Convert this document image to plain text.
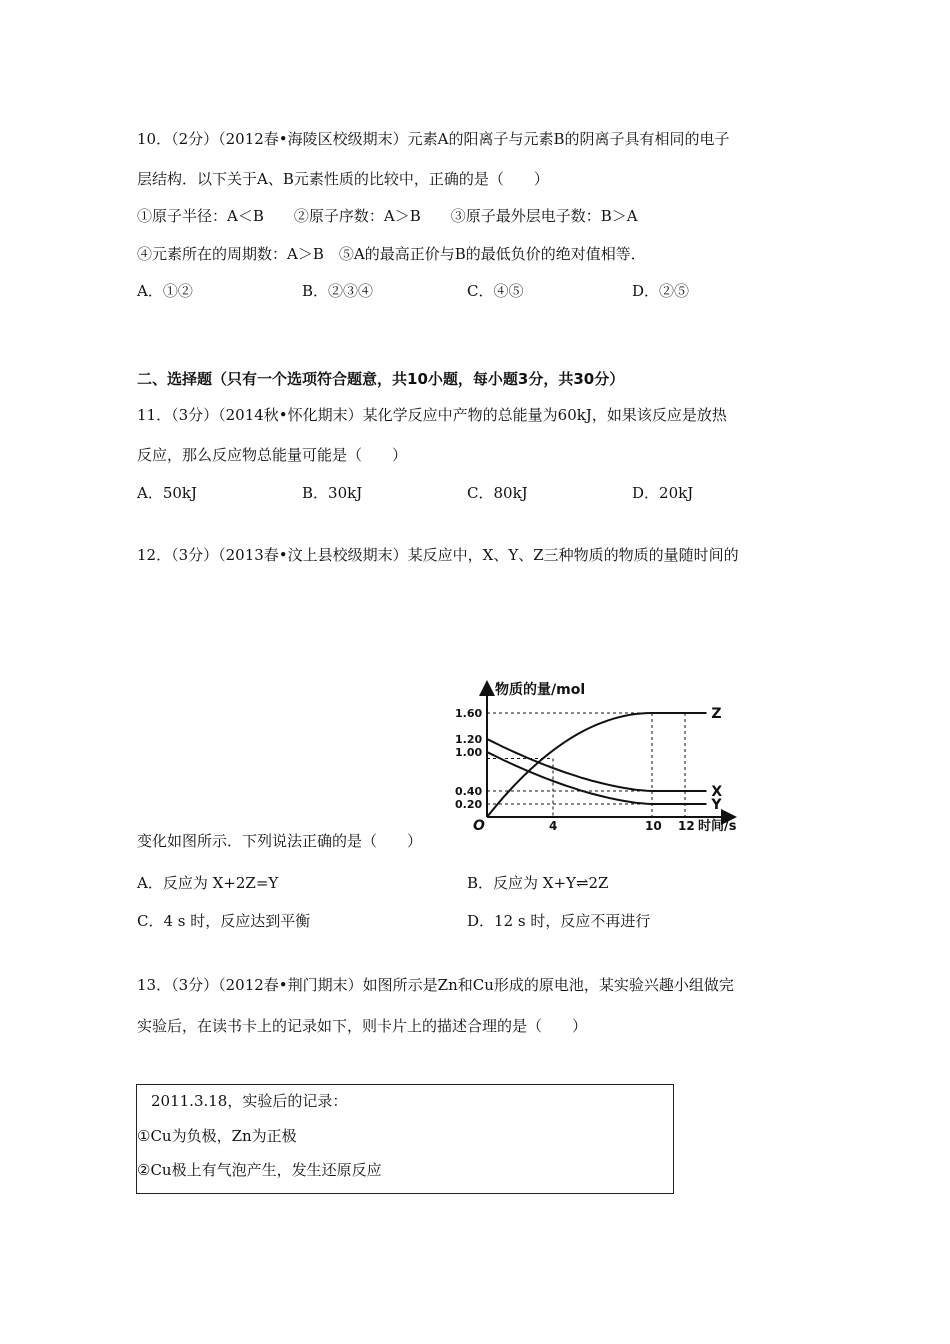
10．（2分）（2012春•海陵区校级期末）元素A的阳离子与元素B的阴离子具有相同的电子
层结构．以下关于A、B元素性质的比较中，正确的是（　　）
①原子半径：A＜B　　②原子序数：A＞B　　③原子最外层电子数：B＞A
④元素所在的周期数：A＞B　⑤A的最高正价与B的最低负价的绝对值相等．
A．①②	B．②③④	C．④⑤	D．②⑤
二、选择题（只有一个选项符合题意，共10小题，每小题3分，共30分）
11．（3分）（2014秋•怀化期末）某化学反应中产物的总能量为60kJ，如果该反应是放热
反应，那么反应物总能量可能是（　　）
A．50kJ	B．30kJ	C．80kJ	D．20kJ
12．（3分）（2013春•汶上县校级期末）某反应中，X、Y、Z三种物质的物质的量随时间的
物质的量/mol
时间/s
O
1.60
1.20
1.00
0.40
0.20
4	10 12
Z
X
Y
变化如图所示．下列说法正确的是（　　）
A．反应为 X+2Z=Y	B．反应为 X+Y⇌2Z
C．4 s 时，反应达到平衡	D．12 s 时，反应不再进行
13．（3分）（2012春•荆门期末）如图所示是Zn和Cu形成的原电池，某实验兴趣小组做完
实验后，在读书卡上的记录如下，则卡片上的描述合理的是（　　）
2011.3.18，实验后的记录：
①Cu为负极，Zn为正极
②Cu极上有气泡产生，发生还原反应
